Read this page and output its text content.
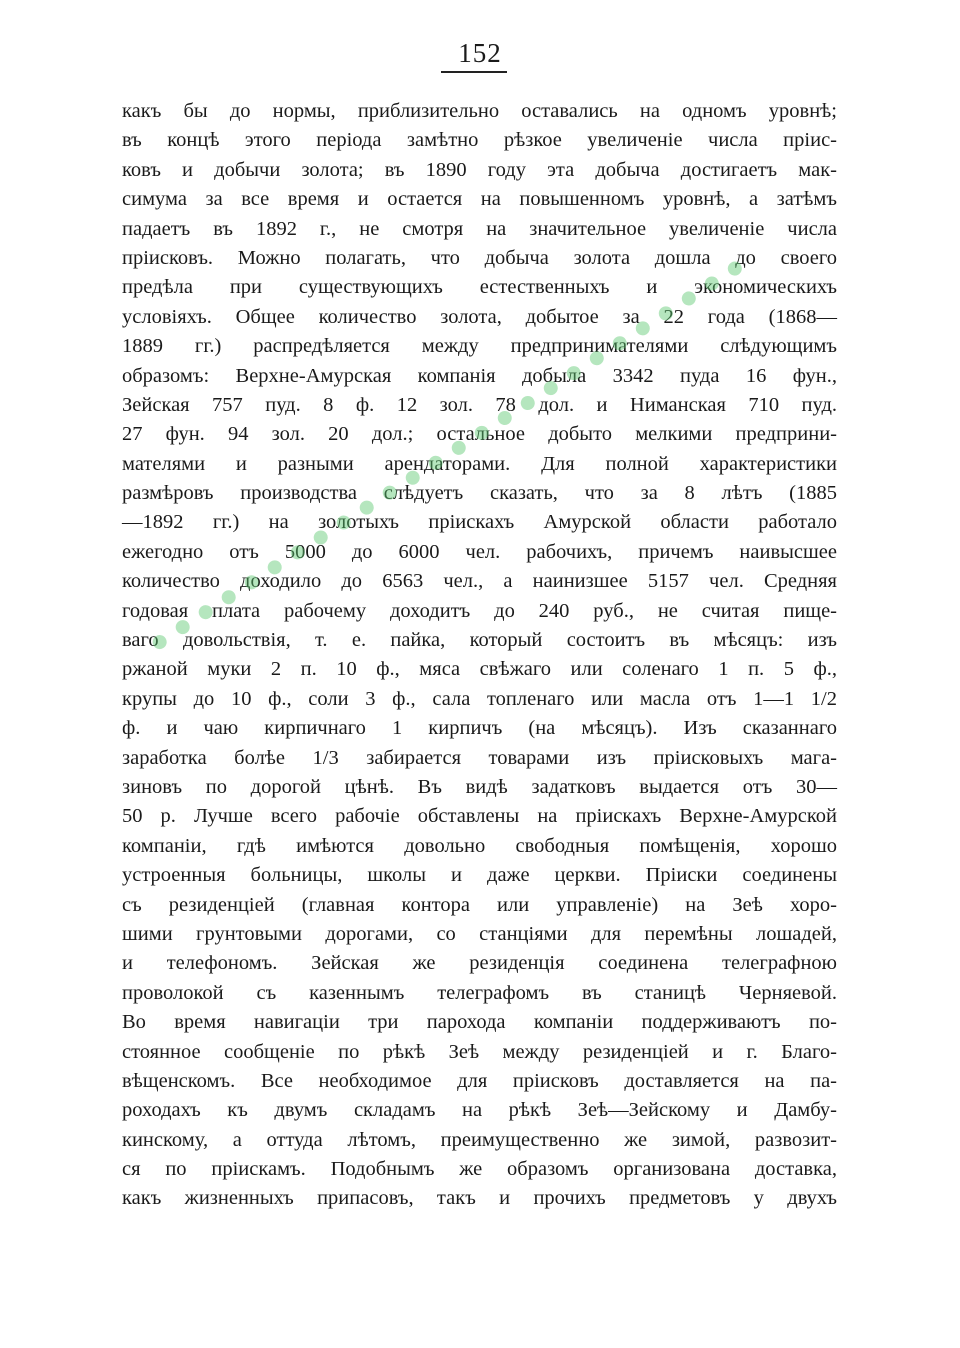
152
какъ бы до нормы, приблизительно оставались на одномъ уровнѣ;
въ концѣ этого періода замѣтно рѣзкое увеличеніе числа пріис-
ковъ и добычи золота; въ 1890 году эта добыча достигаетъ мак-
симума за все время и остается на повышенномъ уровнѣ, а затѣмъ
падаетъ въ 1892 г., не смотря на значительное увеличеніе числа
пріисковъ. Можно полагать, что добыча золота дошла до своего
предѣла при существующихъ естественныхъ и экономическихъ
условіяхъ. Общее количество золота, добытое за 22 года (1868—
1889 гг.) распредѣляется между предпринимателями слѣдующимъ
образомъ: Верхне-Амурская компанія добыла 3342 пуда 16 фун.,
Зейская 757 пуд. 8 ф. 12 зол. 78 дол. и Ниманская 710 пуд.
27 фун. 94 зол. 20 дол.; остальное добыто мелкими предприни-
мателями и разными арендаторами. Для полной характеристики
размѣровъ производства слѣдуетъ сказать, что за 8 лѣтъ (1885
—1892 гг.) на золотыхъ пріискахъ Амурской области работало
ежегодно отъ 5000 до 6000 чел. рабочихъ, причемъ наивысшее
количество доходило до 6563 чел., а наинизшее 5157 чел. Средняя
годовая плата рабочему доходитъ до 240 руб., не считая пище-
ваго довольствія, т. е. пайка, который состоитъ въ мѣсяцъ: изъ
ржаной муки 2 п. 10 ф., мяса свѣжаго или соленаго 1 п. 5 ф.,
крупы до 10 ф., соли 3 ф., сала топленаго или масла отъ 1—1 1/2
ф. и чаю кирпичнаго 1 кирпичъ (на мѣсяцъ). Изъ сказаннаго
заработка болѣе 1/3 забирается товарами изъ пріисковыхъ мага-
зиновъ по дорогой цѣнѣ. Въ видѣ задатковъ выдается отъ 30—
50 р. Лучше всего рабочіе обставлены на пріискахъ Верхне-Амурской
компаніи, гдѣ имѣются довольно свободныя помѣщенія, хорошо
устроенныя больницы, школы и даже церкви. Пріиски соединены
съ резиденціей (главная контора или управленіе) на Зеѣ хоро-
шими грунтовыми дорогами, со станціями для перемѣны лошадей,
и телефономъ. Зейская же резиденція соединена телеграфною
проволокой съ казеннымъ телеграфомъ въ станицѣ Черняевой.
Во время навигаціи три парохода компаніи поддерживаютъ по-
стоянное сообщеніе по рѣкѣ Зеѣ между резиденціей и г. Благо-
вѣщенскомъ. Все необходимое для пріисковъ доставляется на па-
роходахъ къ двумъ складамъ на рѣкѣ Зеѣ—Зейскому и Дамбу-
кинскому, а оттуда лѣтомъ, преимущественно же зимой, развозит-
ся по пріискамъ. Подобнымъ же образомъ организована доставка,
какъ жизненныхъ припасовъ, такъ и прочихъ предметовъ у двухъ
